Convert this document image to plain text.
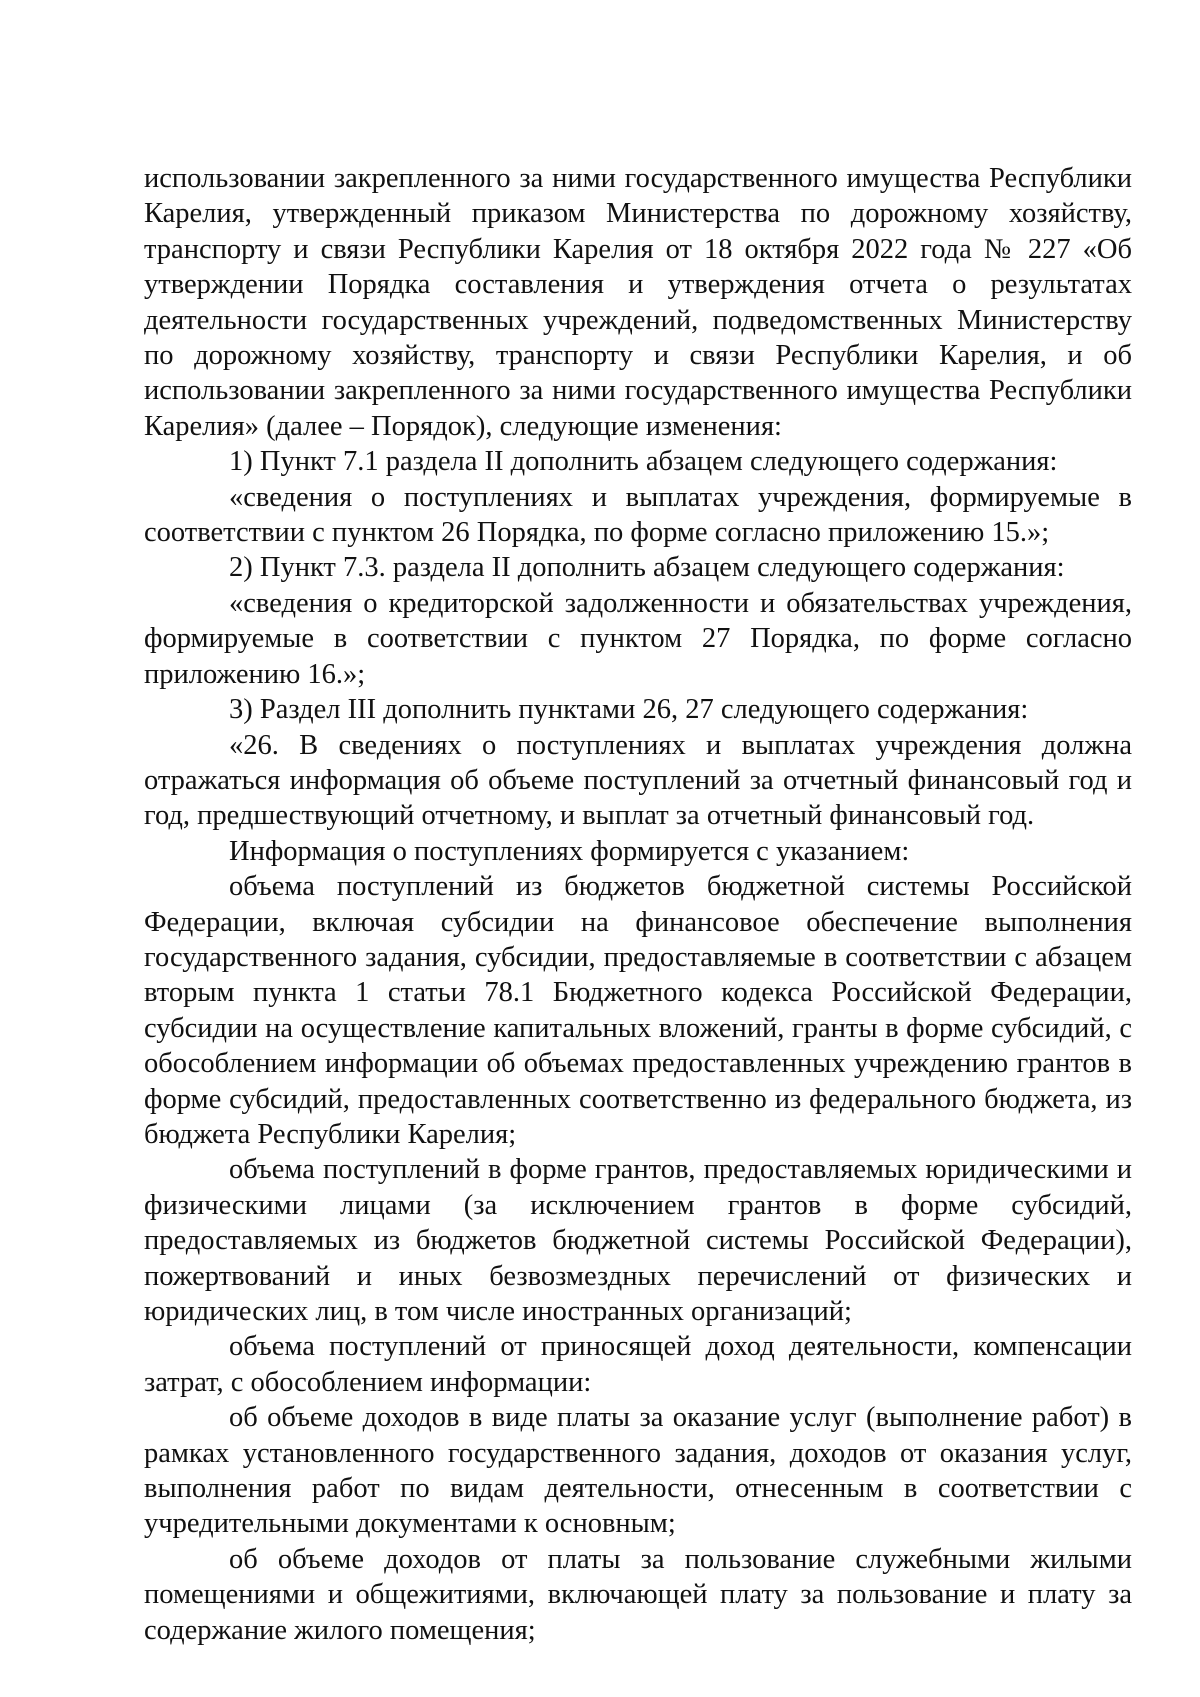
использовании закрепленного за ними государственного имущества Республики Карелия, утвержденный приказом Министерства по дорожному хозяйству, транспорту и связи Республики Карелия от 18 октября 2022 года № 227 «Об утверждении Порядка составления и утверждения отчета о результатах деятельности государственных учреждений, подведомственных Министерству по дорожному хозяйству, транспорту и связи Республики Карелия, и об использовании закрепленного за ними государственного имущества Республики Карелия» (далее – Порядок), следующие изменения:

1) Пункт 7.1 раздела II дополнить абзацем следующего содержания:

«сведения о поступлениях и выплатах учреждения, формируемые в соответствии с пунктом 26 Порядка, по форме согласно приложению 15.»;

2) Пункт 7.3. раздела II дополнить абзацем следующего содержания:

«сведения о кредиторской задолженности и обязательствах учреждения, формируемые в соответствии с пунктом 27 Порядка, по форме согласно приложению 16.»;

3) Раздел III дополнить пунктами 26, 27 следующего содержания:

«26. В сведениях о поступлениях и выплатах учреждения должна отражаться информация об объеме поступлений за отчетный финансовый год и год, предшествующий отчетному, и выплат за отчетный финансовый год.

Информация о поступлениях формируется с указанием:

объема поступлений из бюджетов бюджетной системы Российской Федерации, включая субсидии на финансовое обеспечение выполнения государственного задания, субсидии, предоставляемые в соответствии с абзацем вторым пункта 1 статьи 78.1 Бюджетного кодекса Российской Федерации, субсидии на осуществление капитальных вложений, гранты в форме субсидий, с обособлением информации об объемах предоставленных учреждению грантов в форме субсидий, предоставленных соответственно из федерального бюджета, из бюджета Республики Карелия;

объема поступлений в форме грантов, предоставляемых юридическими и физическими лицами (за исключением грантов в форме субсидий, предоставляемых из бюджетов бюджетной системы Российской Федерации), пожертвований и иных безвозмездных перечислений от физических и юридических лиц, в том числе иностранных организаций;

объема поступлений от приносящей доход деятельности, компенсации затрат, с обособлением информации:

об объеме доходов в виде платы за оказание услуг (выполнение работ) в рамках установленного государственного задания, доходов от оказания услуг, выполнения работ по видам деятельности, отнесенным в соответствии с учредительными документами к основным;

об объеме доходов от платы за пользование служебными жилыми помещениями и общежитиями, включающей плату за пользование и плату за содержание жилого помещения;
